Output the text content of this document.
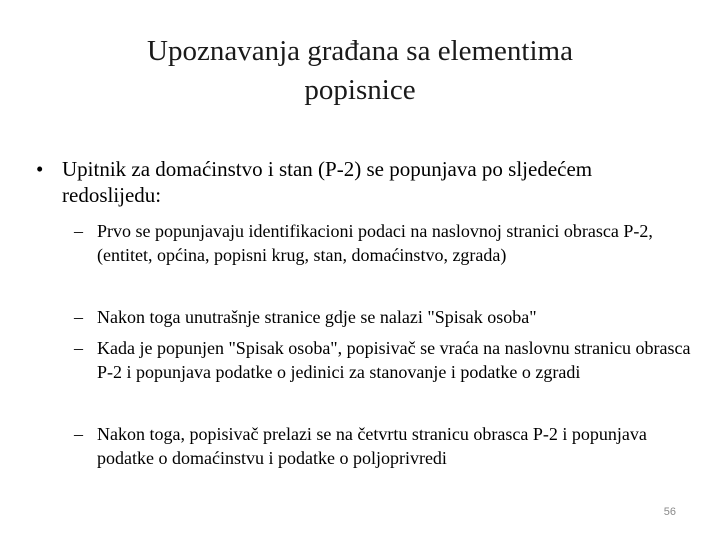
Upoznavanja građana sa elementima
popisnice
• Upitnik za domaćinstvo i stan (P-2) se popunjava po sljedećem redoslijedu:
– Prvo se popunjavaju identifikacioni podaci na naslovnoj stranici obrasca P-2, (entitet, općina, popisni krug, stan, domaćinstvo, zgrada)
– Nakon toga unutrašnje stranice gdje se nalazi "Spisak osoba"
– Kada je popunjen "Spisak osoba", popisivač se vraća na naslovnu stranicu obrasca P-2 i popunjava podatke o jedinici za stanovanje i podatke o zgradi
– Nakon toga, popisivač prelazi se na četvrtu stranicu obrasca P-2 i popunjava podatke o domaćinstvu i podatke o poljoprivredi
56
